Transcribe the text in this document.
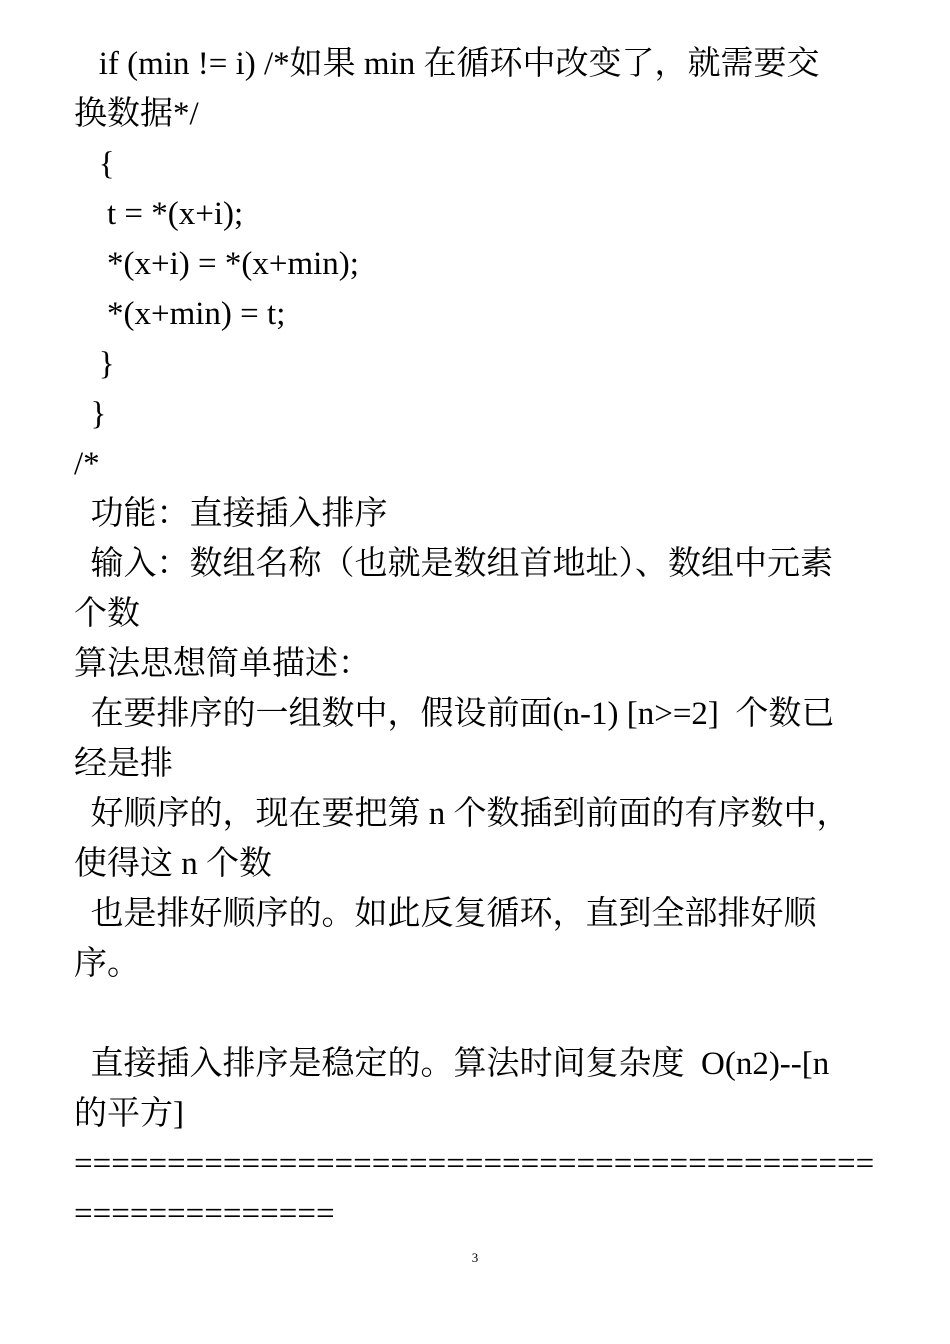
if (min != i) /*如果 min 在循环中改变了，就需要交
换数据*/
{
t = *(x+i);
*(x+i) = *(x+min);
*(x+min) = t;
}
}
/*
功能：直接插入排序
输入：数组名称（也就是数组首地址）、数组中元素
个数
算法思想简单描述：
在要排序的一组数中，假设前面(n-1) [n>=2]  个数已
经是排
好顺序的，现在要把第 n 个数插到前面的有序数中，
使得这 n 个数
也是排好顺序的。如此反复循环，直到全部排好顺
序。
直接插入排序是稳定的。算法时间复杂度  O(n2)--[n
的平方]
===========================================
==============
3
